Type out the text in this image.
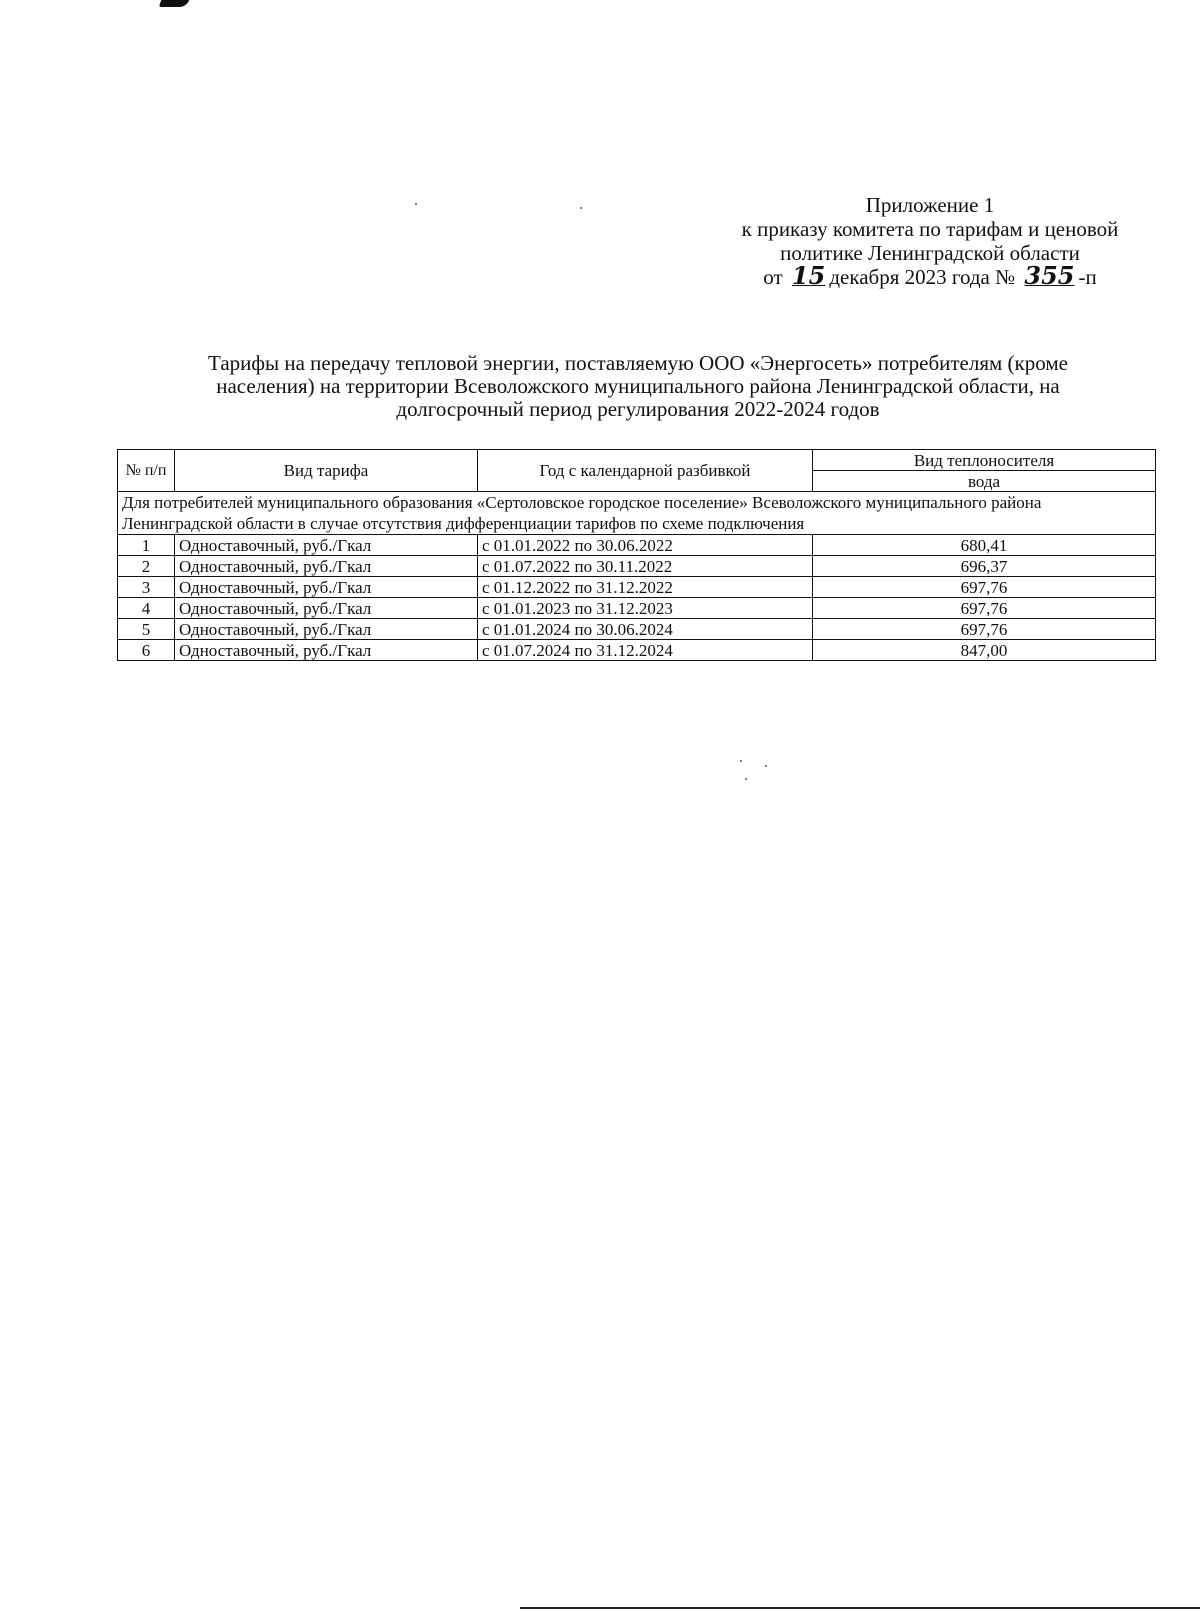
Приложение 1
к приказу комитета по тарифам и ценовой
политике Ленинградской области
от 15 декабря 2023 года № 355 -п
Тарифы на передачу тепловой энергии, поставляемую ООО «Энергосеть» потребителям (кроме
населения) на территории Всеволожского муниципального района Ленинградской области, на
долгосрочный период регулирования 2022-2024 годов
№ п/п	Вид тарифа	Год с календарной разбивкой	Вид теплоносителя
			вода
Для потребителей муниципального образования «Сертоловское городское поселение» Всеволожского муниципального района Ленинградской области в случае отсутствия дифференциации тарифов по схеме подключения			
1	Одноставочный, руб./Гкал	с 01.01.2022 по 30.06.2022	680,41
2	Одноставочный, руб./Гкал	с 01.07.2022 по 30.11.2022	696,37
3	Одноставочный, руб./Гкал	с 01.12.2022 по 31.12.2022	697,76
4	Одноставочный, руб./Гкал	с 01.01.2023 по 31.12.2023	697,76
5	Одноставочный, руб./Гкал	с 01.01.2024 по 30.06.2024	697,76
6	Одноставочный, руб./Гкал	с 01.07.2024 по 31.12.2024	847,00
